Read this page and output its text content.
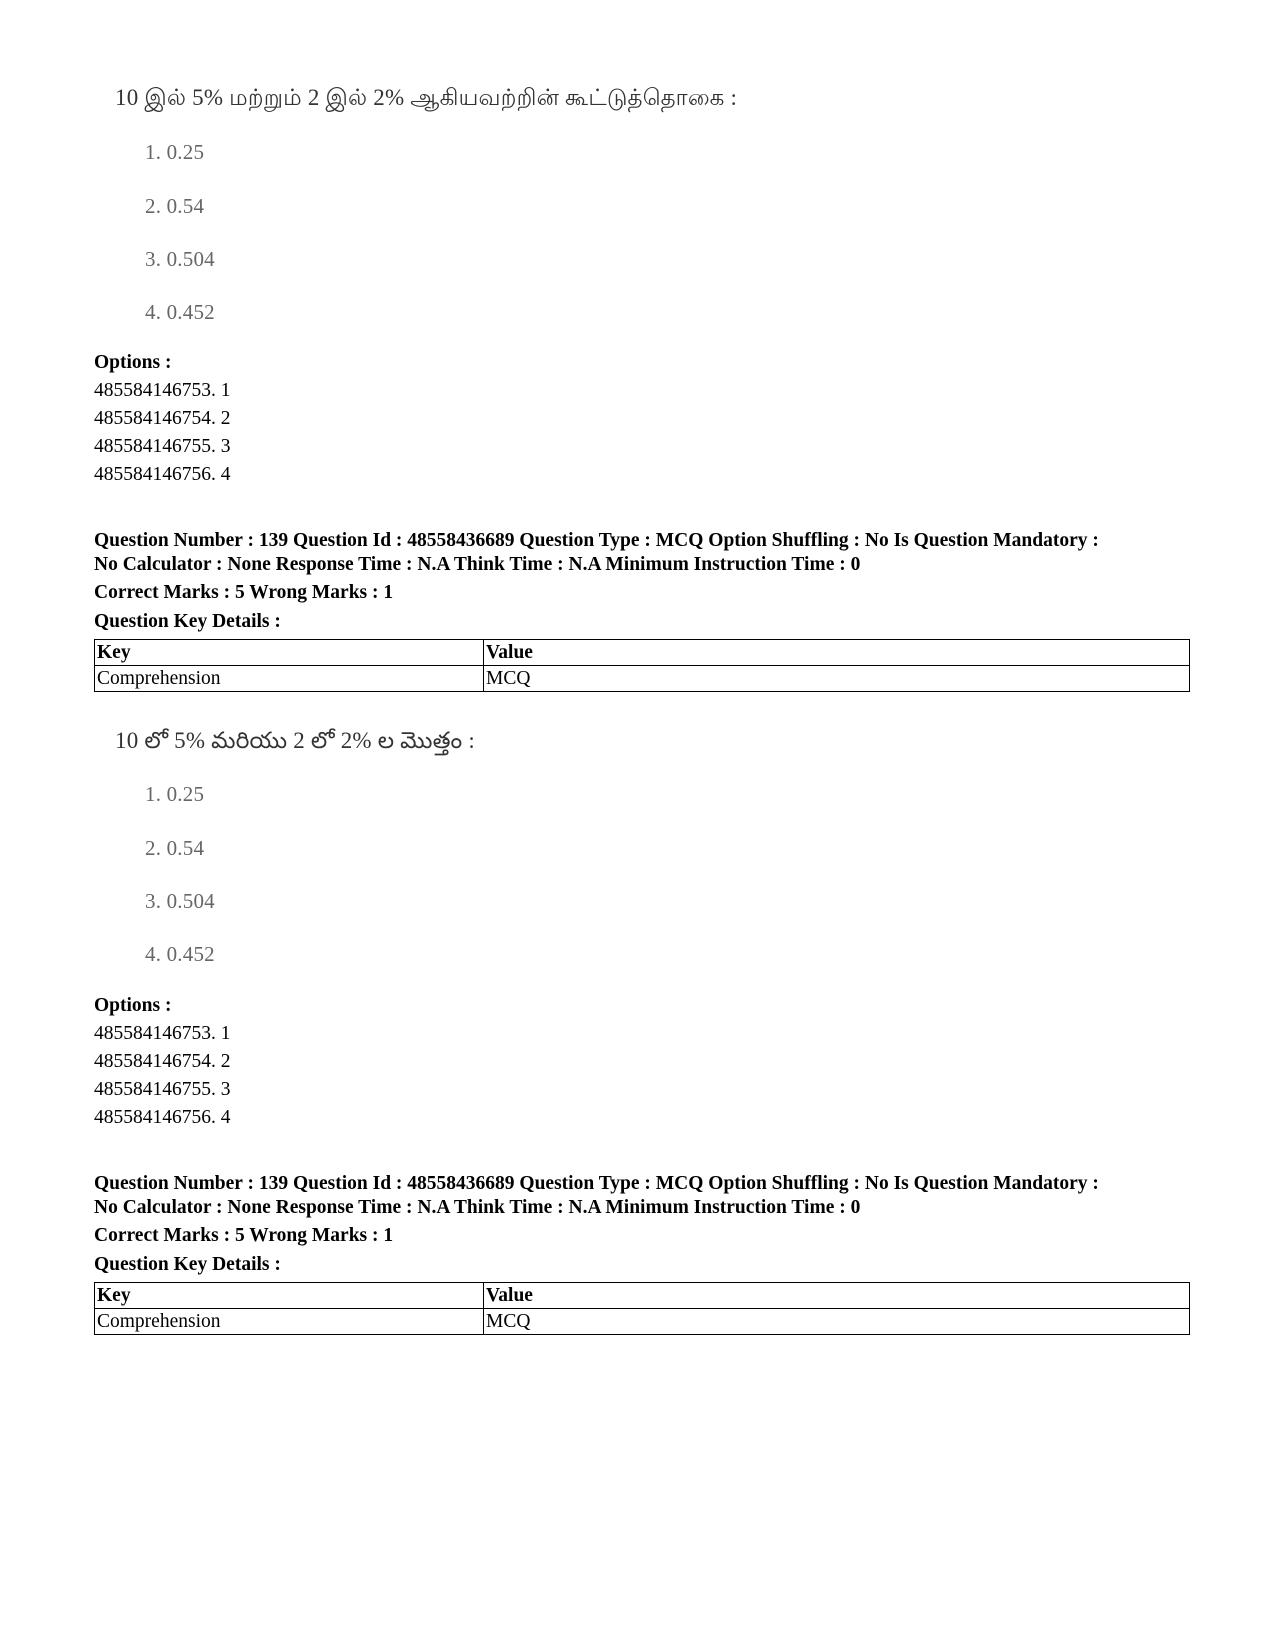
10 இல் 5% மற்றும் 2 இல் 2% ஆகியவற்றின் கூட்டுத்தொகை :
1. 0.25
2. 0.54
3. 0.504
4. 0.452
Options :
485584146753. 1
485584146754. 2
485584146755. 3
485584146756. 4
Question Number : 139 Question Id : 48558436689 Question Type : MCQ Option Shuffling : No Is Question Mandatory :
No Calculator : None Response Time : N.A Think Time : N.A Minimum Instruction Time : 0
Correct Marks : 5 Wrong Marks : 1
Question Key Details :
Key	Value
Comprehension	MCQ
10 లో 5% మరియు 2 లో 2% ల మొత్తం :
1. 0.25
2. 0.54
3. 0.504
4. 0.452
Options :
485584146753. 1
485584146754. 2
485584146755. 3
485584146756. 4
Question Number : 139 Question Id : 48558436689 Question Type : MCQ Option Shuffling : No Is Question Mandatory :
No Calculator : None Response Time : N.A Think Time : N.A Minimum Instruction Time : 0
Correct Marks : 5 Wrong Marks : 1
Question Key Details :
Key	Value
Comprehension	MCQ
